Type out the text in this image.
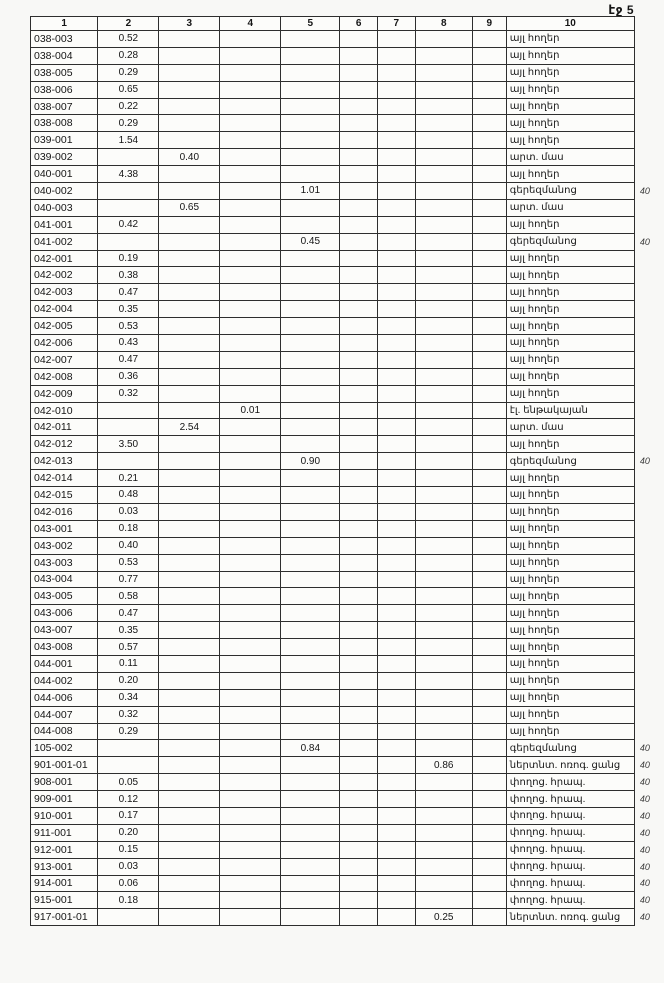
էջ 5
1	2	3	4	5	6	7	8	9	10	
038-003	0.52								այլ հողեր	
038-004	0.28								այլ հողեր	
038-005	0.29								այլ հողեր	
038-006	0.65								այլ հողեր	
038-007	0.22								այլ հողեր	
038-008	0.29								այլ հողեր	
039-001	1.54								այլ հողեր	
039-002		0.40							արտ. մաս	
040-001	4.38								այլ հողեր	
040-002				1.01					գերեզմանոց	40
040-003		0.65							արտ. մաս	
041-001	0.42								այլ հողեր	
041-002				0.45					գերեզմանոց	40
042-001	0.19								այլ հողեր	
042-002	0.38								այլ հողեր	
042-003	0.47								այլ հողեր	
042-004	0.35								այլ հողեր	
042-005	0.53								այլ հողեր	
042-006	0.43								այլ հողեր	
042-007	0.47								այլ հողեր	
042-008	0.36								այլ հողեր	
042-009	0.32								այլ հողեր	
042-010			0.01						էլ. ենթակայան	
042-011		2.54							արտ. մաս	
042-012	3.50								այլ հողեր	
042-013				0.90					գերեզմանոց	40
042-014	0.21								այլ հողեր	
042-015	0.48								այլ հողեր	
042-016	0.03								այլ հողեր	
043-001	0.18								այլ հողեր	
043-002	0.40								այլ հողեր	
043-003	0.53								այլ հողեր	
043-004	0.77								այլ հողեր	
043-005	0.58								այլ հողեր	
043-006	0.47								այլ հողեր	
043-007	0.35								այլ հողեր	
043-008	0.57								այլ հողեր	
044-001	0.11								այլ հողեր	
044-002	0.20								այլ հողեր	
044-006	0.34								այլ հողեր	
044-007	0.32								այլ հողեր	
044-008	0.29								այլ հողեր	
105-002				0.84					գերեզմանոց	40
901-001-01							0.86		ներտնտ. ոռոգ. ցանց	40
908-001	0.05								փողոց. հրապ.	40
909-001	0.12								փողոց. հրապ.	40
910-001	0.17								փողոց. հրապ.	40
911-001	0.20								փողոց. հրապ.	40
912-001	0.15								փողոց. հրապ.	40
913-001	0.03								փողոց. հրապ.	40
914-001	0.06								փողոց. հրապ.	40
915-001	0.18								փողոց. հրապ.	40
917-001-01							0.25		ներտնտ. ոռոգ. ցանց	40
